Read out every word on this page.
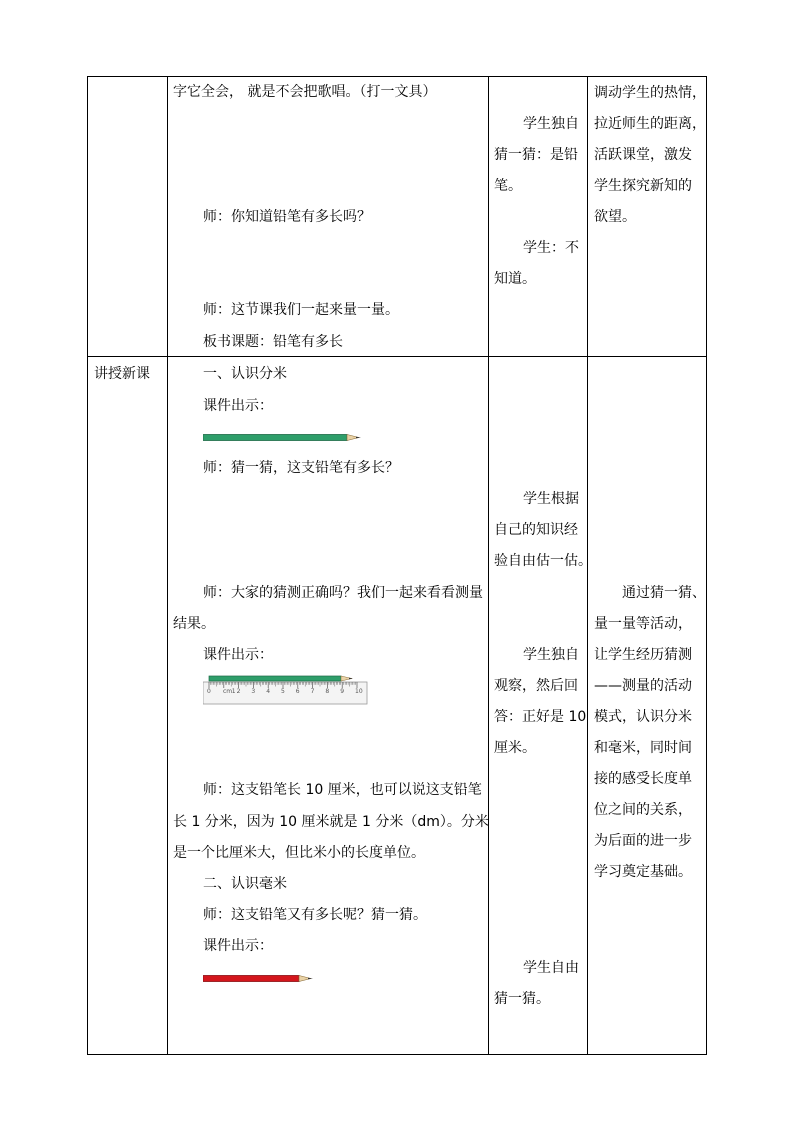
字它全会， 就是不会把歌唱。（打一文具）
师：你知道铅笔有多长吗？
师：这节课我们一起来量一量。
板书课题：铅笔有多长
学生独自
猜一猜：是铅
笔。
学生：不
知道。
调动学生的热情，
拉近师生的距离，
活跃课堂，激发
学生探究新知的
欲望。
讲授新课	一、认识分米
课件出示：
师：猜一猜，这支铅笔有多长？
师：大家的猜测正确吗？我们一起来看看测量
结果。
课件出示：
cm
0	2 3 4 5 6 7 8 9 10
1
师：这支铅笔长 10 厘米，也可以说这支铅笔
长 1 分米，因为 10 厘米就是 1 分米（dm）。分米
是一个比厘米大，但比米小的长度单位。
二、认识毫米
师：这支铅笔又有多长呢？猜一猜。
课件出示：
学生根据
自己的知识经
验自由估一估。
学生独自
观察，然后回
答：正好是 10
厘米。
学生自由
猜一猜。
通过猜一猜、
量一量等活动，
让学生经历猜测
——测量的活动
模式，认识分米
和毫米，同时间
接的感受长度单
位之间的关系，
为后面的进一步
学习奠定基础。
